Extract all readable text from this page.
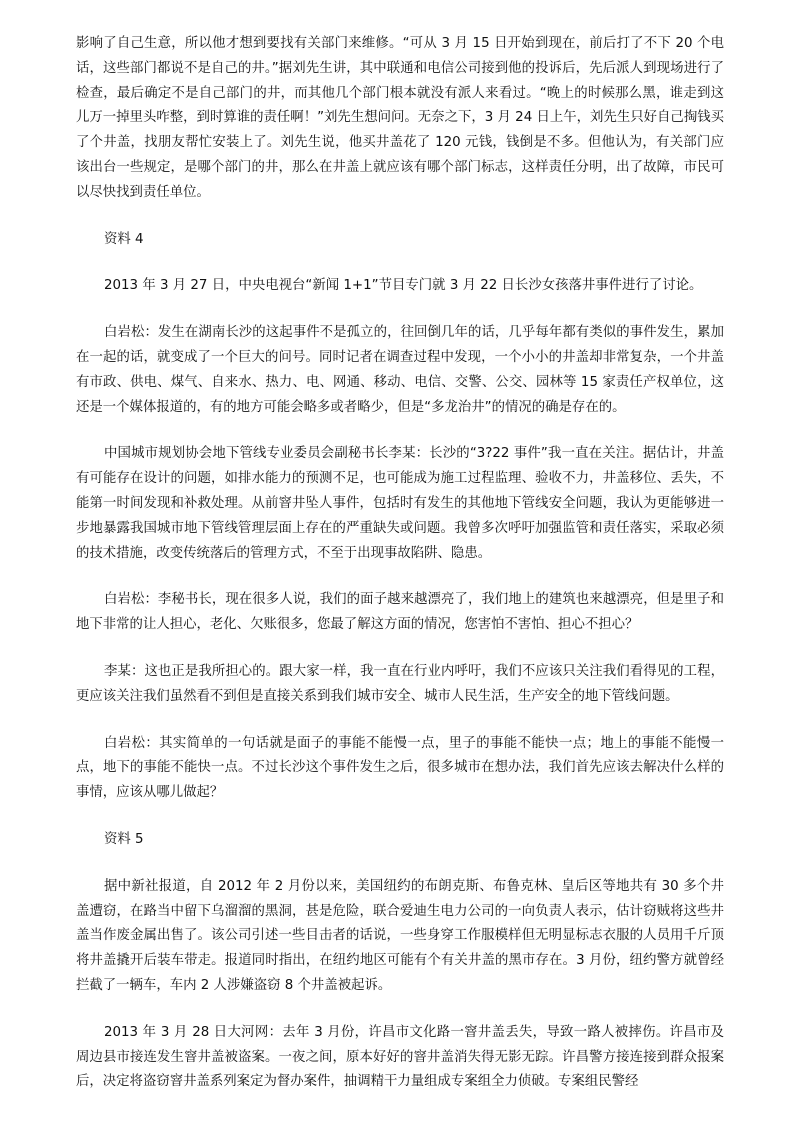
影响了自己生意，所以他才想到要找有关部门来维修。“可从 3 月 15 日开始到现在，前后打了不下 20 个电话，这些部门都说不是自己的井。”据刘先生讲，其中联通和电信公司接到他的投诉后，先后派人到现场进行了检查，最后确定不是自己部门的井，而其他几个部门根本就没有派人来看过。“晚上的时候那么黑，谁走到这儿万一掉里头咋整，到时算谁的责任啊！”刘先生想问问。无奈之下，3 月 24 日上午，刘先生只好自己掏钱买了个井盖，找朋友帮忙安装上了。刘先生说，他买井盖花了 120 元钱，钱倒是不多。但他认为，有关部门应该出台一些规定，是哪个部门的井，那么在井盖上就应该有哪个部门标志，这样责任分明，出了故障，市民可以尽快找到责任单位。

资料 4

2013 年 3 月 27 日，中央电视台“新闻 1+1”节目专门就 3 月 22 日长沙女孩落井事件进行了讨论。

白岩松：发生在湖南长沙的这起事件不是孤立的，往回倒几年的话，几乎每年都有类似的事件发生，累加在一起的话，就变成了一个巨大的问号。同时记者在调查过程中发现，一个小小的井盖却非常复杂，一个井盖有市政、供电、煤气、自来水、热力、电、网通、移动、电信、交警、公交、园林等 15 家责任产权单位，这还是一个媒体报道的，有的地方可能会略多或者略少，但是“多龙治井”的情况的确是存在的。

中国城市规划协会地下管线专业委员会副秘书长李某：长沙的“3?22 事件”我一直在关注。据估计，井盖有可能存在设计的问题，如排水能力的预测不足，也可能成为施工过程监理、验收不力，井盖移位、丢失，不能第一时间发现和补救处理。从前窨井坠人事件，包括时有发生的其他地下管线安全问题，我认为更能够进一步地暴露我国城市地下管线管理层面上存在的严重缺失或问题。我曾多次呼吁加强监管和责任落实，采取必须的技术措施，改变传统落后的管理方式，不至于出现事故陷阱、隐患。

白岩松：李秘书长，现在很多人说，我们的面子越来越漂亮了，我们地上的建筑也来越漂亮，但是里子和地下非常的让人担心，老化、欠账很多，您最了解这方面的情况，您害怕不害怕、担心不担心？

李某：这也正是我所担心的。跟大家一样，我一直在行业内呼吁，我们不应该只关注我们看得见的工程，更应该关注我们虽然看不到但是直接关系到我们城市安全、城市人民生活，生产安全的地下管线问题。

白岩松：其实简单的一句话就是面子的事能不能慢一点，里子的事能不能快一点；地上的事能不能慢一点，地下的事能不能快一点。不过长沙这个事件发生之后，很多城市在想办法，我们首先应该去解决什么样的事情，应该从哪儿做起？

资料 5

据中新社报道，自 2012 年 2 月份以来，美国纽约的布朗克斯、布鲁克林、皇后区等地共有 30 多个井盖遭窃，在路当中留下乌溜溜的黑洞，甚是危险，联合爱迪生电力公司的一向负责人表示，估计窃贼将这些井盖当作废金属出售了。该公司引述一些目击者的话说，一些身穿工作服模样但无明显标志衣服的人员用千斤顶将井盖撬开后装车带走。报道同时指出，在纽约地区可能有个有关井盖的黑市存在。3 月份，纽约警方就曾经拦截了一辆车，车内 2 人涉嫌盗窃 8 个井盖被起诉。

2013 年 3 月 28 日大河网：去年 3 月份，许昌市文化路一窨井盖丢失，导致一路人被摔伤。许昌市及周边县市接连发生窨井盖被盗案。一夜之间，原本好好的窨井盖消失得无影无踪。许昌警方接连接到群众报案后，决定将盗窃窨井盖系列案定为督办案件，抽调精干力量组成专案组全力侦破。专案组民警经
